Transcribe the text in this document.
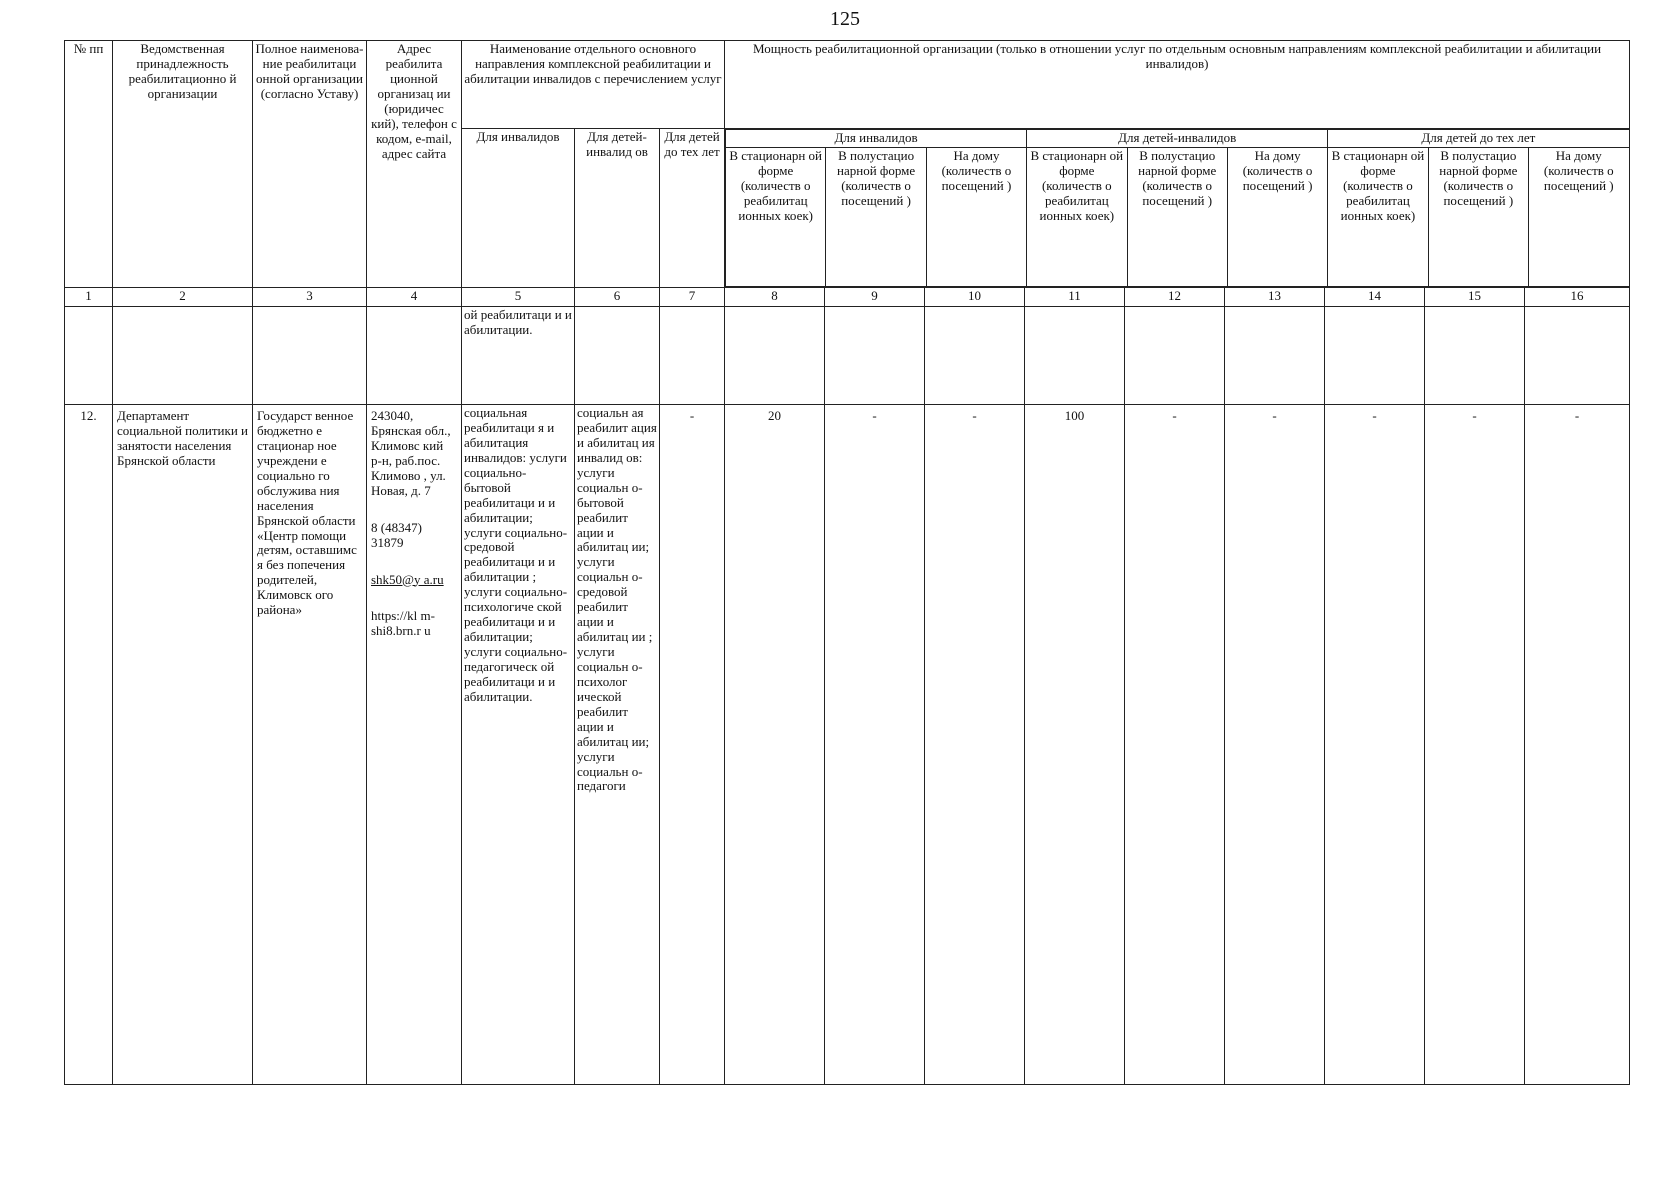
125
№ пп	Ведомственная принадлежность реабилитационно й организации	Полное наименова-ние реабилитаци онной организации (согласно Уставу)	Адрес реабилита ционной организац ии (юридичес кий), телефон с кодом, e-mail, адрес сайта	Наименование отдельного основного направления комплексной реабилитации и абилитации инвалидов с перечислением услуг	Мощность реабилитационной организации (только в отношении услуг по отдельным основным направлениям комплексной реабилитации и абилитации инвалидов)
Для инвалидов	Для детей-инвалид ов	Для детей до тех лет	
Для инвалидов	Для детей-инвалидов	Для детей до тех лет
В стационарн ой форме (количеств о реабилитац ионных коек)	В полустацио нарной форме (количеств о посещений )	На дому (количеств о посещений )	В стационарн ой форме (количеств о реабилитац ионных коек)	В полустацио нарной форме (количеств о посещений )	На дому (количеств о посещений )	В стационарн ой форме (количеств о реабилитац ионных коек)	В полустацио нарной форме (количеств о посещений )	На дому (количеств о посещений )

1	2	3	4	5	6	7	8	9	10	11	12	13	14	15	16
				ой реабилитаци и и абилитации.											
12.	Департамент социальной политики и занятости населения Брянской области	Государст венное бюджетно е стационар ное учреждени е социально го обслужива ния населения Брянской области «Центр помощи детям, оставшимс я без попечения родителей, Климовск ого района»	243040, Брянская обл., Климовс кий р-н, раб.пос. Климово , ул. Новая, д. 7
8 (48347) 31879
shk50@y a.ru
https://kl m-shi8.brn.r u	социальная реабилитаци я и абилитация инвалидов: услуги социально-бытовой реабилитаци и и абилитации; услуги социально-средовой реабилитаци и и абилитации ; услуги социально-психологиче ской реабилитаци и и абилитации; услуги социально-педагогическ ой реабилитаци и и абилитации.	социальн ая реабилит ация и абилитац ия инвалид ов: услуги социальн о-бытовой реабилит ации и абилитац ии; услуги социальн о-средовой реабилит ации и абилитац ии ; услуги социальн о-психолог ической реабилит ации и абилитац ии; услуги социальн о-педагоги	-	20	-	-	100	-	-	-	-	-
